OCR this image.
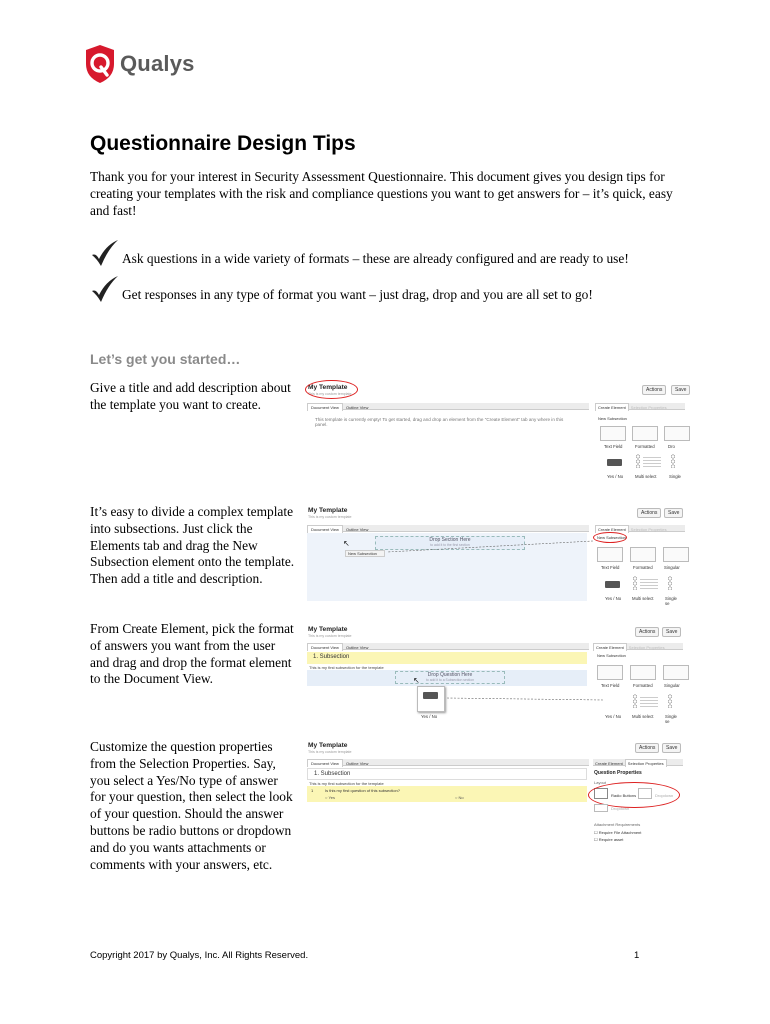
Qualys
Questionnaire Design Tips

Thank you for your interest in Security Assessment Questionnaire. This document gives you design tips for creating your templates with the risk and compliance questions you want to get answers for – it’s quick, easy and fast!

Ask questions in a wide variety of formats – these are already configured and are ready to use!
Get responses in any type of format you want – just drag, drop and you are all set to go!
Let’s get you started…

Give a title and add description about the template you want to create.

It’s easy to divide a complex template into subsections. Just click the Elements tab and drag the New Subsection element onto the template. Then add a title and description.

From Create Element, pick the format of answers you want from the user and drag and drop the format element to the Document View.

Customize the question properties from the Selection Properties. Say, you select a Yes/No type of answer for your question, then select the look of your question. Should the answer buttons be radio buttons or dropdown and do you wants attachments or comments with your answers, etc.

My Template
This is my custom template
Actions	Save
Document View Outline View	Create Element Selection Properties
This template is currently empty! To get started, drag and drop an element from the "Create Element" tab any where in this panel.
New Subsection
Text Field	Formatted	Dro
Yes / No	Multi select	Single
My Template
This is my custom template
Actions	Save
Document View Outline View	Create Element Selection Properties
Drop Section Here
to add it to the first section
↖
New Subsection
New Subsection
Text Field	Formatted	Singular
Yes / No	Multi select	Single se
My Template
This is my custom template
Actions	Save
Document View Outline View	Create Element Selection Properties
1. Subsection
This is my first subsection for the template
Drop Question Here
to add it to a Subsection section
↖
Yes / No
New Subsection
Text Field	Formatted	Singular
Yes / No	Multi select	Single se
My Template
This is my custom template
Actions	Save
Document View Outline View	Create Element Selection Properties
1. Subsection
This is my first subsection for the template
1	Is this my first question of this subsection?
○ Yes	○ No
Question Properties
Layout
Radio Buttons	Dropdown
Dropdown
Attachment Requirements
☐ Require File Attachment
☐ Require asset
Copyright 2017 by Qualys, Inc. All Rights Reserved.	1
